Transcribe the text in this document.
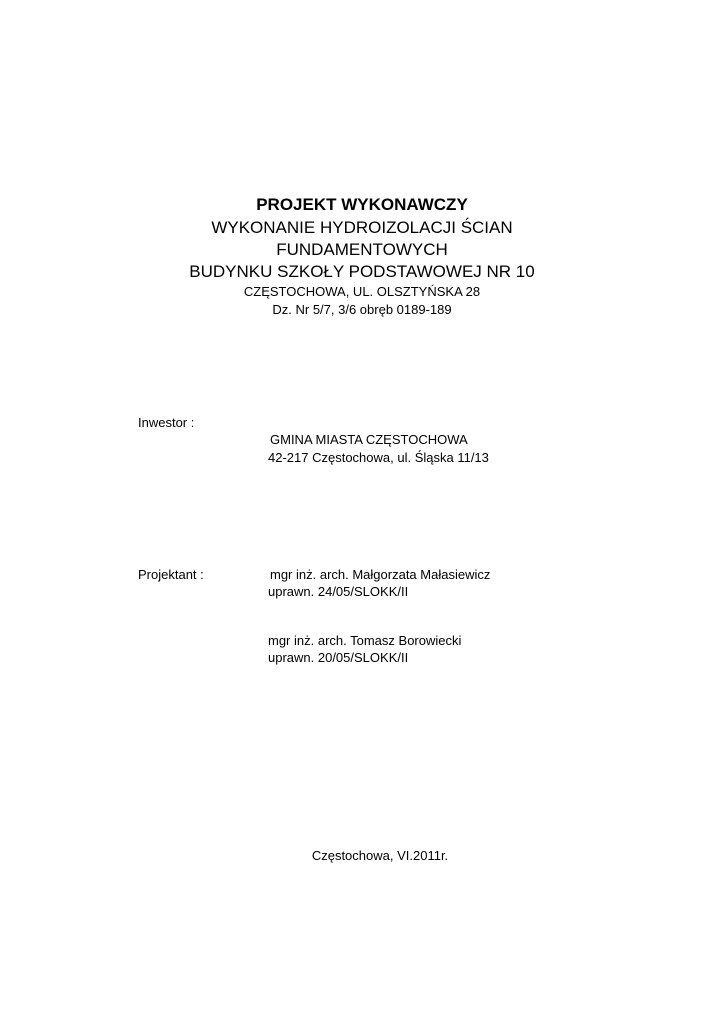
PROJEKT WYKONAWCZY
WYKONANIE HYDROIZOLACJI ŚCIAN
FUNDAMENTOWYCH
BUDYNKU SZKOŁY PODSTAWOWEJ NR 10
CZĘSTOCHOWA, UL. OLSZTYŃSKA 28
Dz. Nr 5/7, 3/6 obręb 0189-189
Inwestor :
GMINA MIASTA CZĘSTOCHOWA
42-217 Częstochowa, ul. Śląska 11/13
Projektant :	mgr inż. arch. Małgorzata Małasiewicz
uprawn. 24/05/SLOKK/II
mgr inż. arch. Tomasz Borowiecki
uprawn. 20/05/SLOKK/II
Częstochowa, VI.2011r.
